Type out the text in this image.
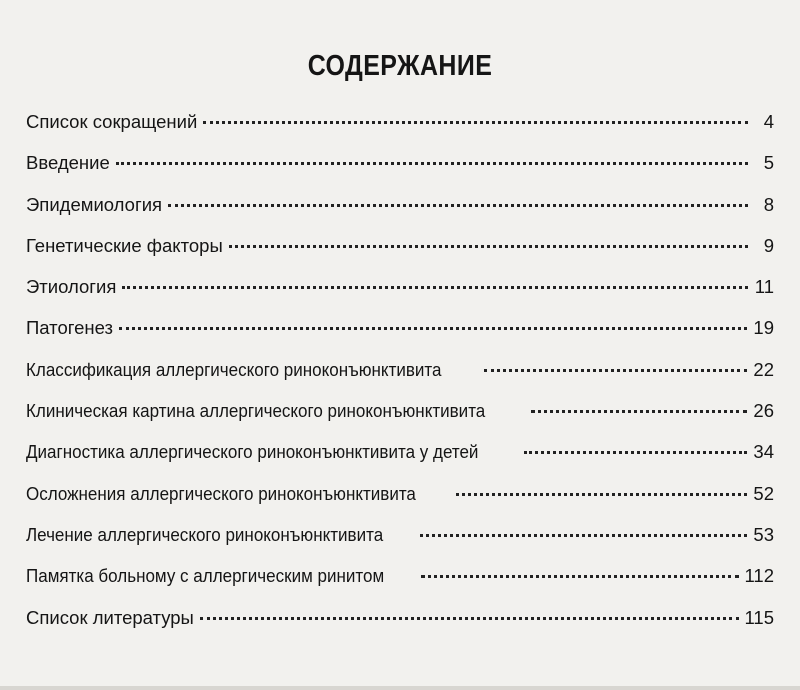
СОДЕРЖАНИЕ
Список сокращений	4
Введение	5
Эпидемиология	8
Генетические факторы	9
Этиология	11
Патогенез	19
Классификация аллергического риноконъюнктивита	22
Клиническая картина аллергического риноконъюнктивита	26
Диагностика аллергического риноконъюнктивита у детей	34
Осложнения аллергического риноконъюнктивита	52
Лечение аллергического риноконъюнктивита	53
Памятка больному с аллергическим ринитом	112
Список литературы	115
